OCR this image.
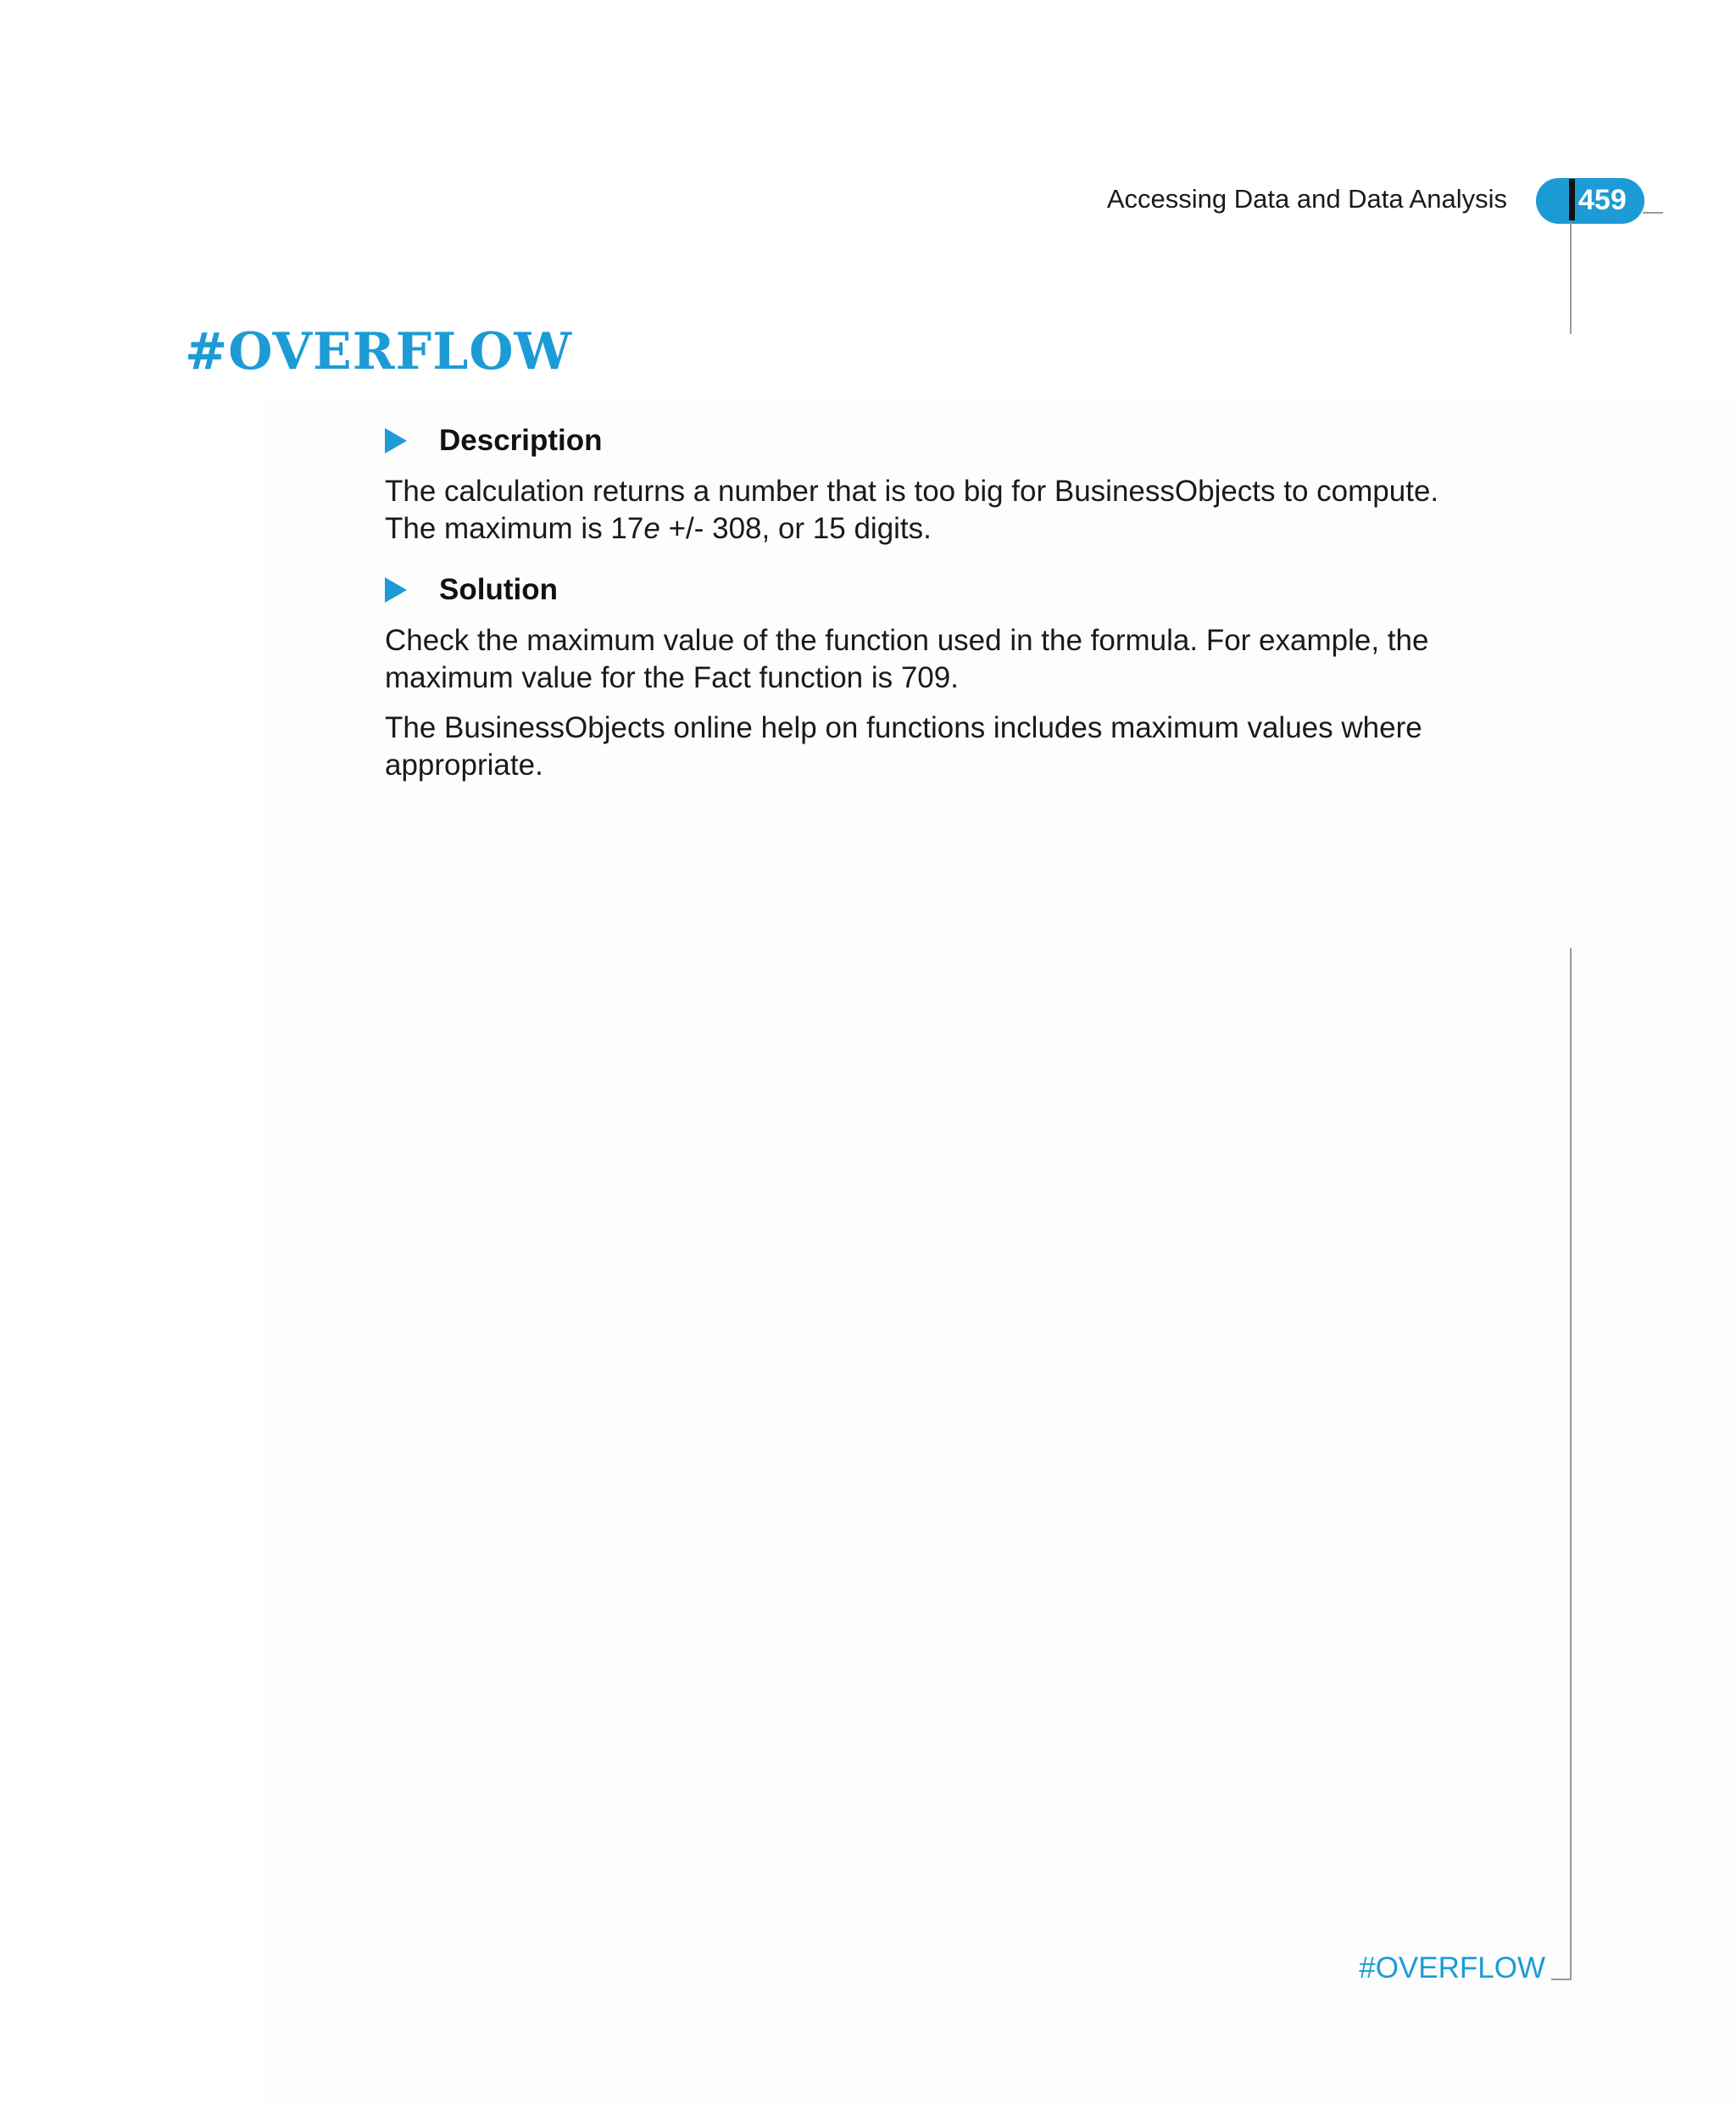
Accessing Data and Data Analysis 459
#OVERFLOW
Description

The calculation returns a number that is too big for BusinessObjects to compute.
The maximum is 17e +/- 308, or 15 digits.

Solution

Check the maximum value of the function used in the formula. For example, the maximum value for the Fact function is 709.

The BusinessObjects online help on functions includes maximum values where appropriate.

#OVERFLOW
